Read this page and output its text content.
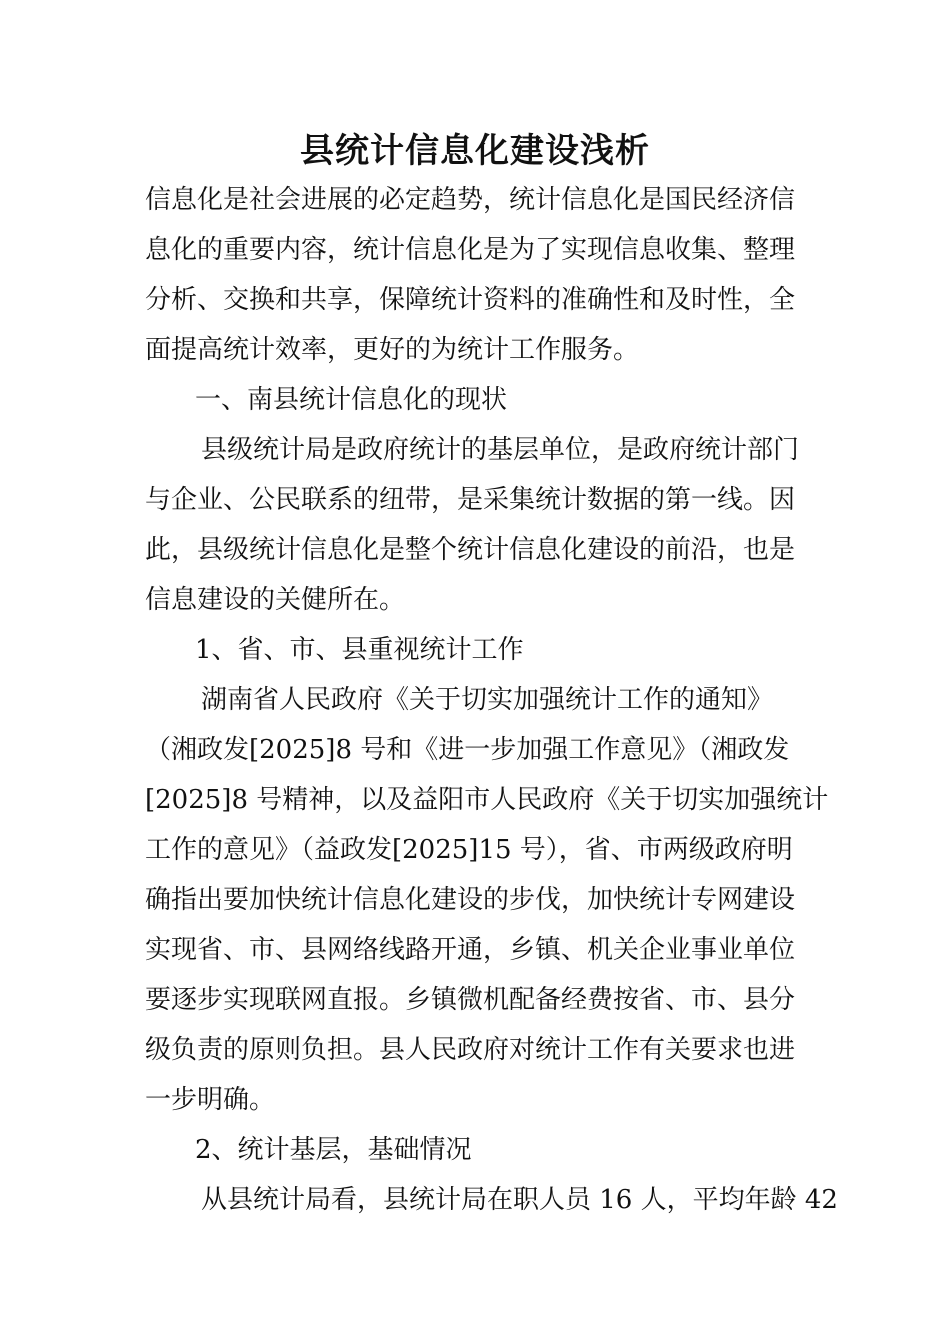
县统计信息化建设浅析

信息化是社会进展的必定趋势，统计信息化是国民经济信

息化的重要内容，统计信息化是为了实现信息收集、整理

分析、交换和共享，保障统计资料的准确性和及时性，全

面提高统计效率，更好的为统计工作服务。

一、南县统计信息化的现状

县级统计局是政府统计的基层单位，是政府统计部门

与企业、公民联系的纽带，是采集统计数据的第一线。因

此，县级统计信息化是整个统计信息化建设的前沿，也是

信息建设的关健所在。

1、省、市、县重视统计工作

湖南省人民政府《关于切实加强统计工作的通知》

（湘政发[2025]8 号和《进一步加强工作意见》（湘政发

[2025]8 号精神，以及益阳市人民政府《关于切实加强统计

工作的意见》（益政发[2025]15 号），省、市两级政府明

确指出要加快统计信息化建设的步伐，加快统计专网建设

实现省、市、县网络线路开通，乡镇、机关企业事业单位

要逐步实现联网直报。乡镇微机配备经费按省、市、县分

级负责的原则负担。县人民政府对统计工作有关要求也进

一步明确。

2、统计基层，基础情况

从县统计局看，县统计局在职人员 16 人，平均年龄 42
